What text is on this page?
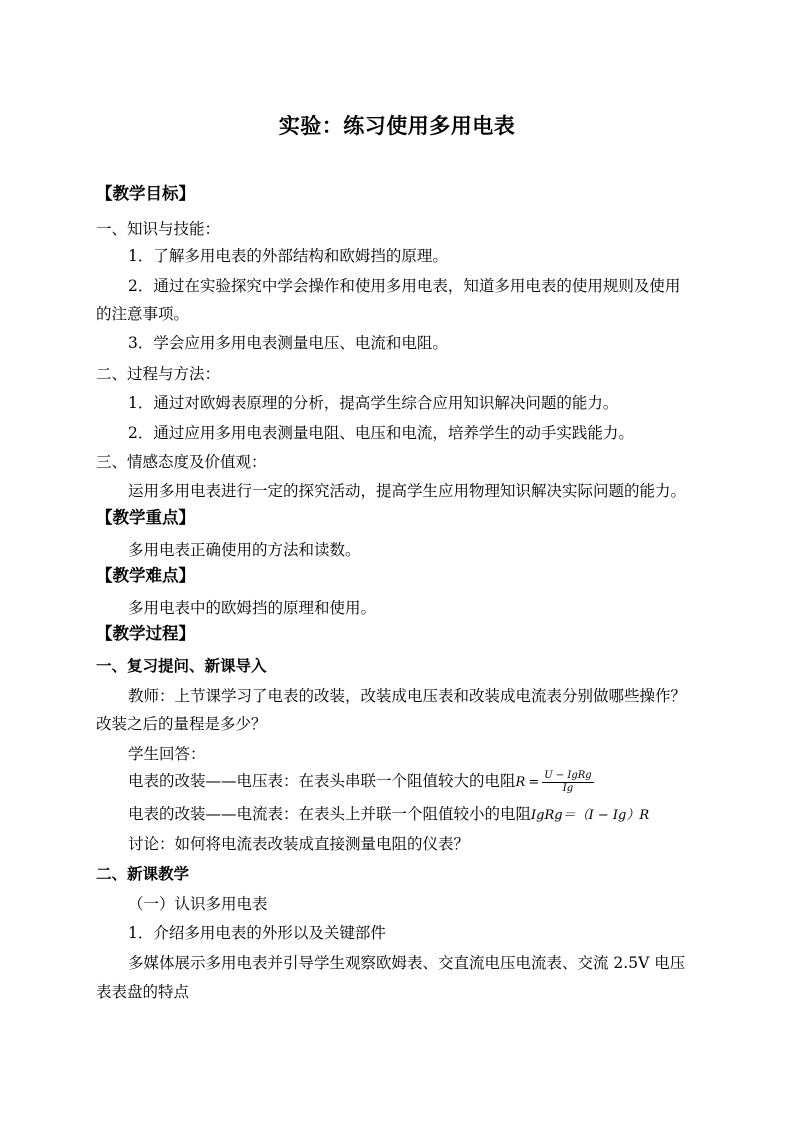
实验：练习使用多用电表
【教学目标】
一、知识与技能：
1．了解多用电表的外部结构和欧姆挡的原理。
2．通过在实验探究中学会操作和使用多用电表，知道多用电表的使用规则及使用
的注意事项。
3．学会应用多用电表测量电压、电流和电阻。
二、过程与方法：
1．通过对欧姆表原理的分析，提高学生综合应用知识解决问题的能力。
2．通过应用多用电表测量电阻、电压和电流，培养学生的动手实践能力。
三、情感态度及价值观：
运用多用电表进行一定的探究活动，提高学生应用物理知识解决实际问题的能力。
【教学重点】
多用电表正确使用的方法和读数。
【教学难点】
多用电表中的欧姆挡的原理和使用。
【教学过程】
一、复习提问、新课导入
教师：上节课学习了电表的改装，改装成电压表和改装成电流表分别做哪些操作？
改装之后的量程是多少？
学生回答：
电表的改装——电压表：在表头串联一个阻值较大的电阻$R = \frac{\text{U − IgRg}}{Ig}$
电表的改装——电流表：在表头上并联一个阻值较小的电阻IgRg＝（I − Ig）R
讨论：如何将电流表改装成直接测量电阻的仪表？
二、新课教学
（一）认识多用电表
1．介绍多用电表的外形以及关键部件
多媒体展示多用电表并引导学生观察欧姆表、交直流电压电流表、交流 2.5V 电压
表表盘的特点
